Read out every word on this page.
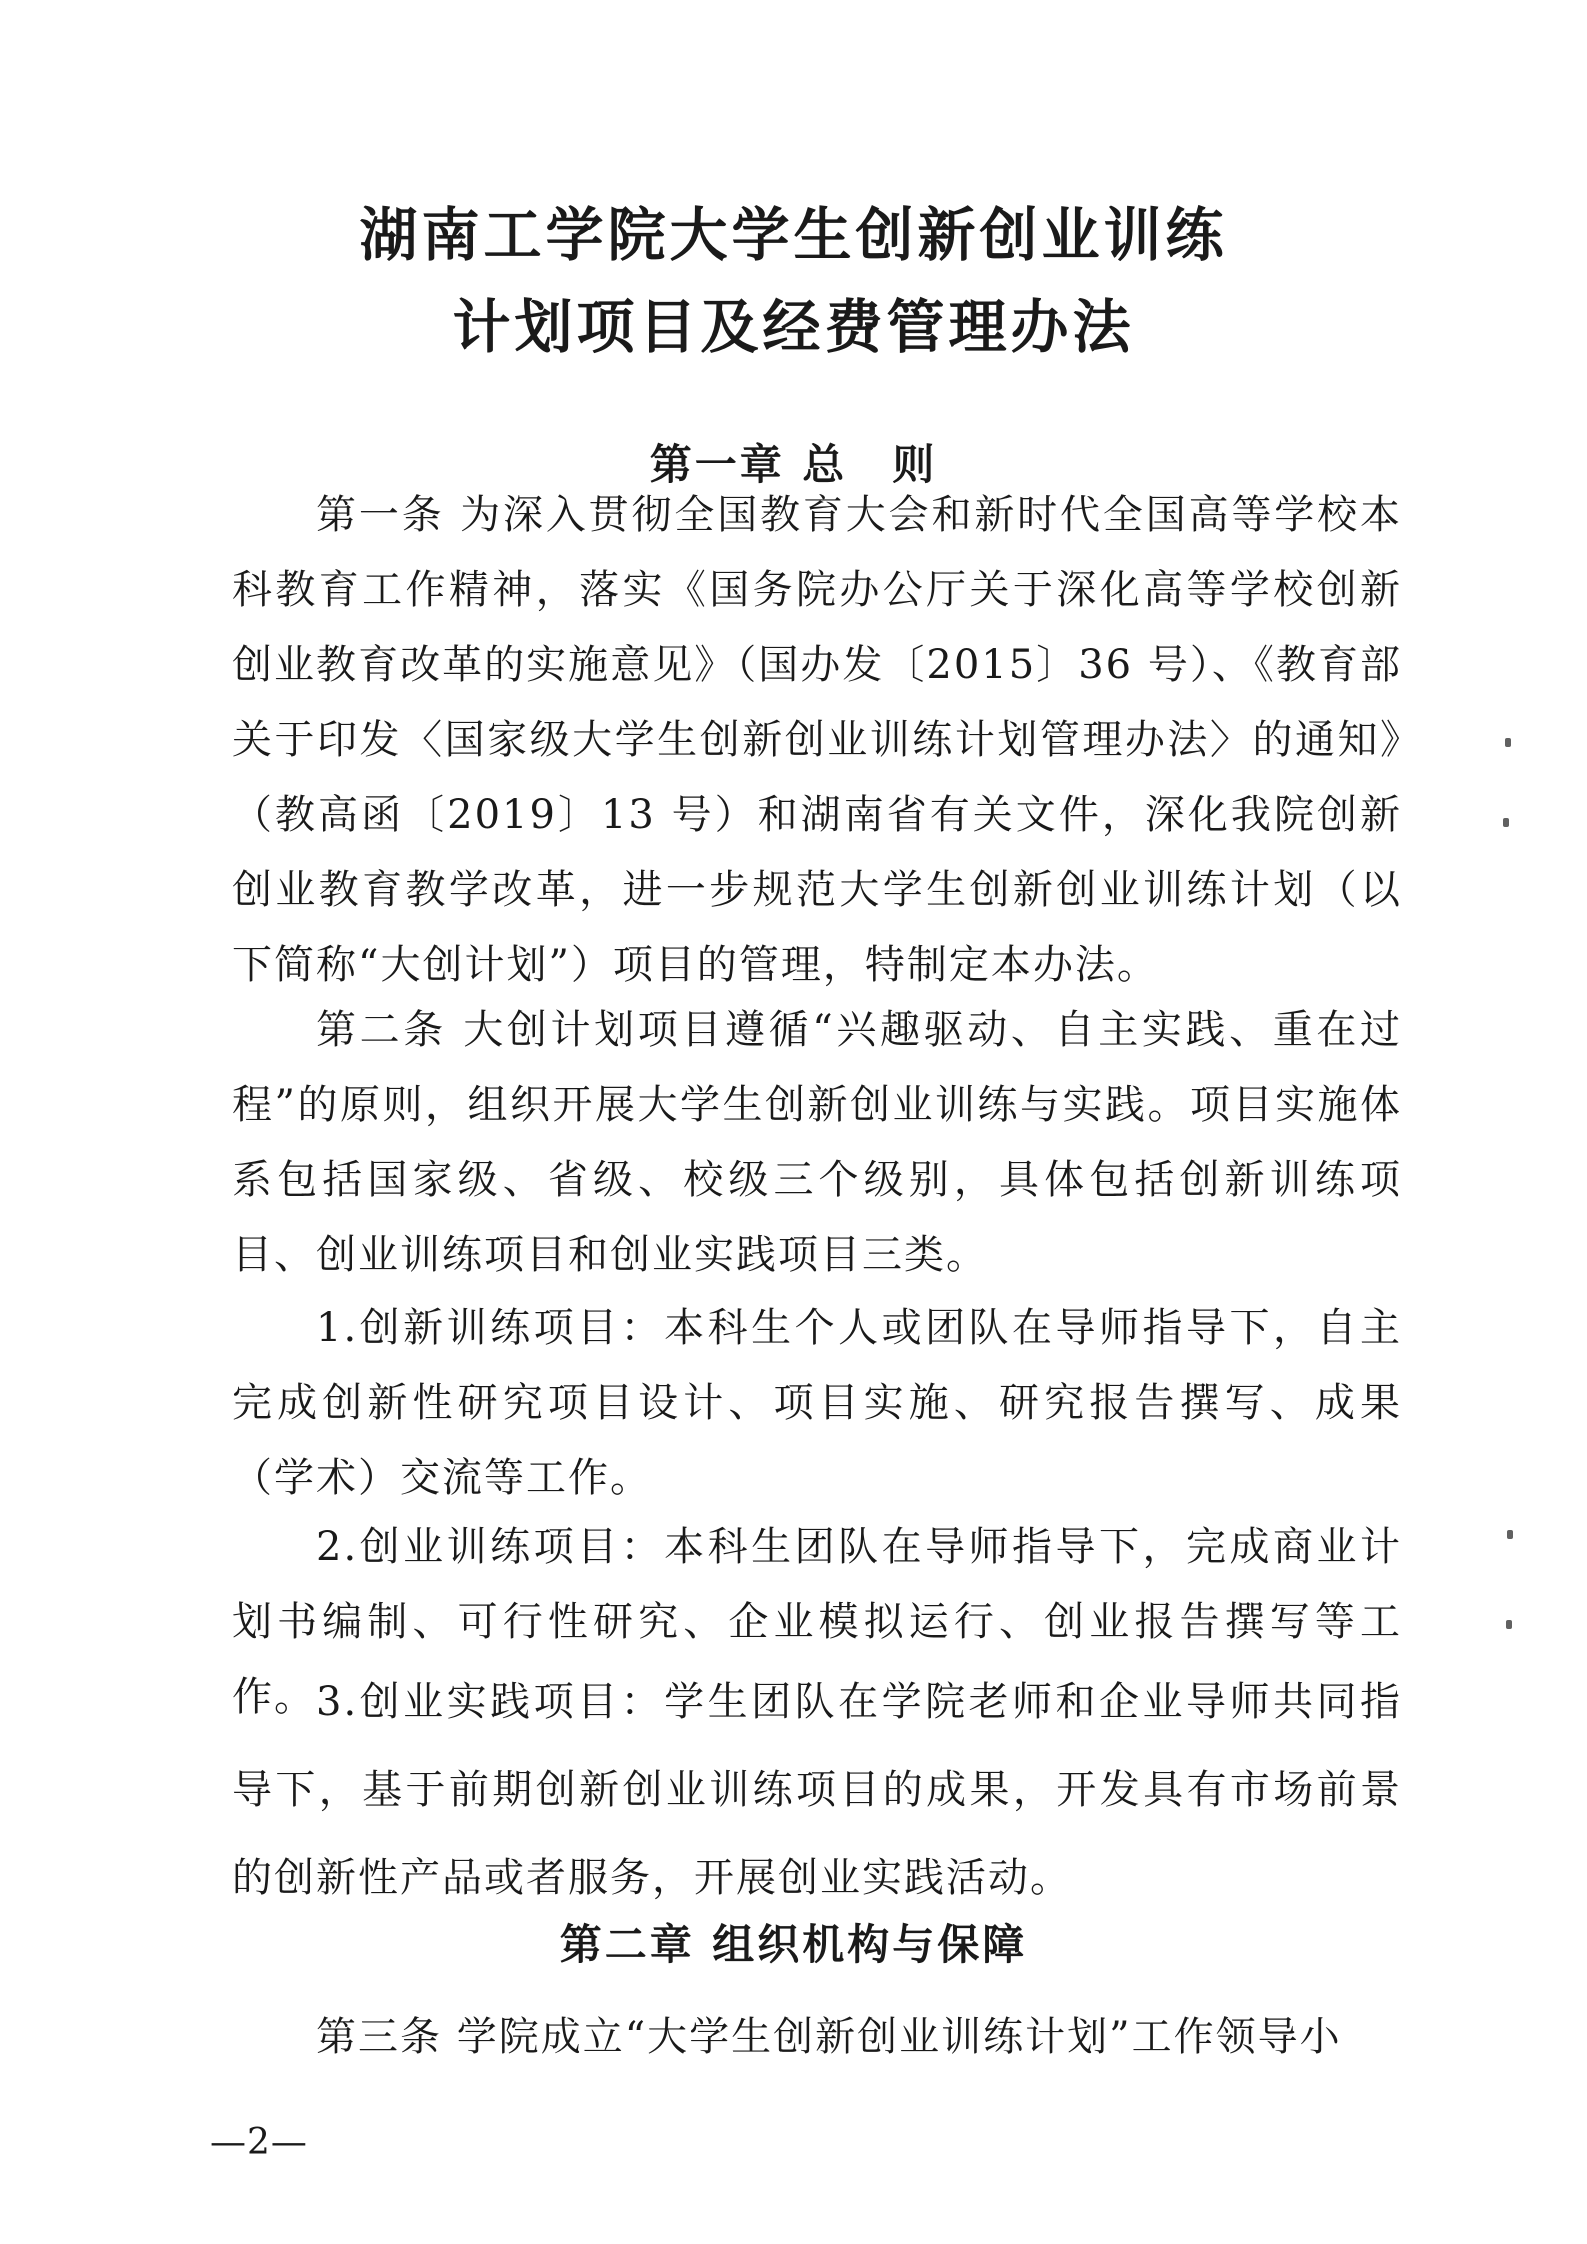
湖南工学院大学生创新创业训练
计划项目及经费管理办法
第一章 总　则

第一条 为深入贯彻全国教育大会和新时代全国高等学校本科教育工作精神，落实《国务院办公厅关于深化高等学校创新创业教育改革的实施意见》（国办发〔2015〕36 号）、《教育部关于印发〈国家级大学生创新创业训练计划管理办法〉的通知》（教高函〔2019〕13 号）和湖南省有关文件，深化我院创新创业教育教学改革，进一步规范大学生创新创业训练计划（以下简称“大创计划”）项目的管理，特制定本办法。

第二条 大创计划项目遵循“兴趣驱动、自主实践、重在过程”的原则，组织开展大学生创新创业训练与实践。项目实施体系包括国家级、省级、校级三个级别，具体包括创新训练项目、创业训练项目和创业实践项目三类。

1.创新训练项目：本科生个人或团队在导师指导下，自主完成创新性研究项目设计、项目实施、研究报告撰写、成果（学术）交流等工作。

2.创业训练项目：本科生团队在导师指导下，完成商业计划书编制、可行性研究、企业模拟运行、创业报告撰写等工作。 3.创业实践项目：学生团队在学院老师和企业导师共同指导下，基于前期创新创业训练项目的成果，开发具有市场前景的创新性产品或者服务，开展创业实践活动。

第二章 组织机构与保障

第三条 学院成立“大学生创新创业训练计划”工作领导小

—2—
